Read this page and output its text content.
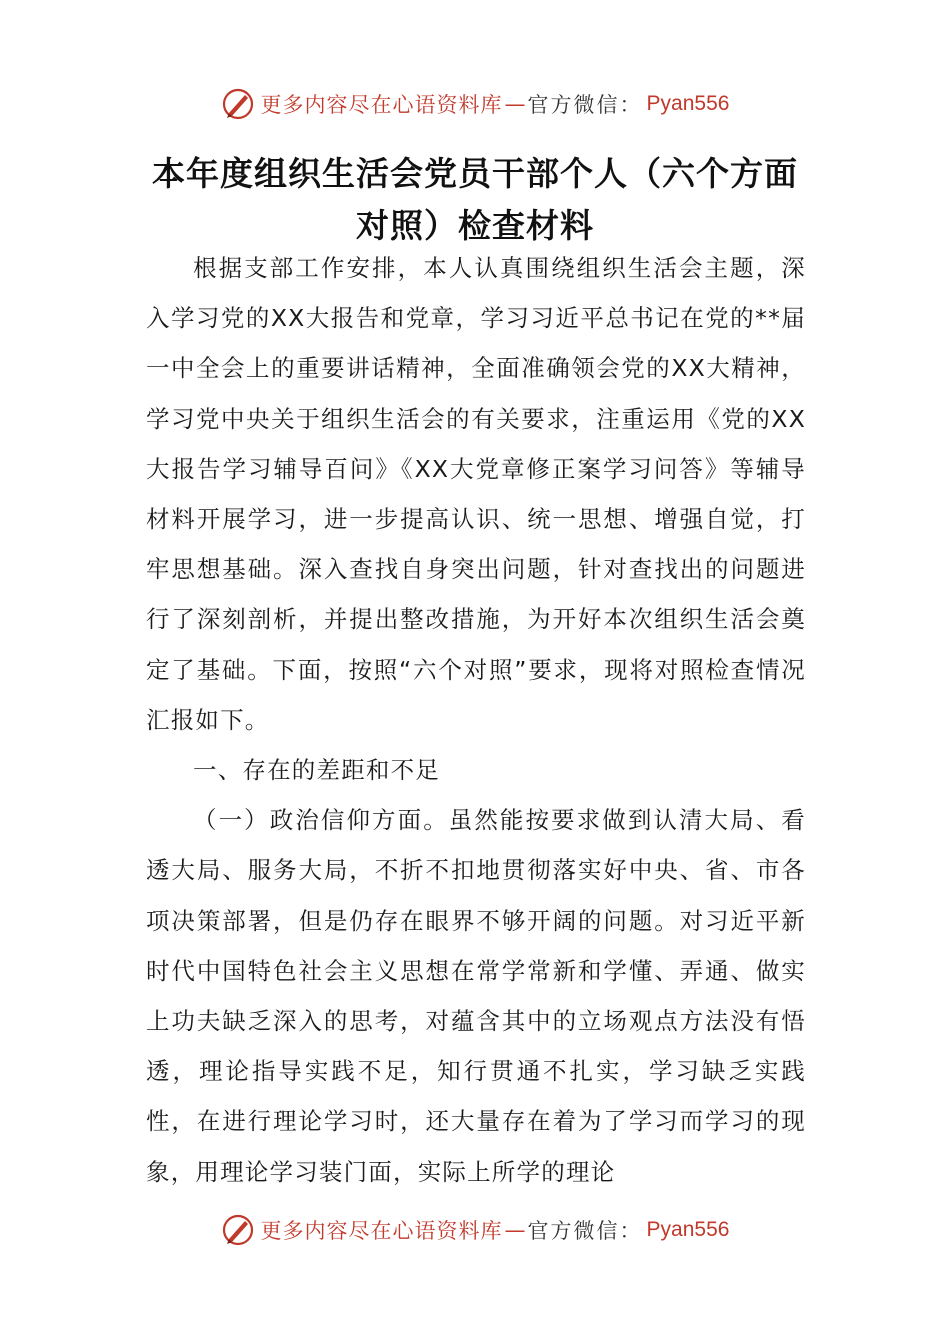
更多内容尽在心语资料库 — 官方微信： Pyan556
本年度组织生活会党员干部个人（六个方面对照）检查材料

根据支部工作安排，本人认真围绕组织生活会主题，深入学习党的XX大报告和党章，学习习近平总书记在党的**届一中全会上的重要讲话精神，全面准确领会党的XX大精神，学习党中央关于组织生活会的有关要求，注重运用《党的XX大报告学习辅导百问》《XX大党章修正案学习问答》等辅导材料开展学习，进一步提高认识、统一思想、增强自觉，打牢思想基础。深入查找自身突出问题，针对查找出的问题进行了深刻剖析，并提出整改措施，为开好本次组织生活会奠定了基础。下面，按照“六个对照”要求，现将对照检查情况汇报如下。

一、存在的差距和不足

（一）政治信仰方面。虽然能按要求做到认清大局、看透大局、服务大局，不折不扣地贯彻落实好中央、省、市各项决策部署，但是仍存在眼界不够开阔的问题。对习近平新时代中国特色社会主义思想在常学常新和学懂、弄通、做实上功夫缺乏深入的思考，对蕴含其中的立场观点方法没有悟透，理论指导实践不足，知行贯通不扎实，学习缺乏实践性，在进行理论学习时，还大量存在着为了学习而学习的现象，用理论学习装门面，实际上所学的理论

更多内容尽在心语资料库 — 官方微信： Pyan556
